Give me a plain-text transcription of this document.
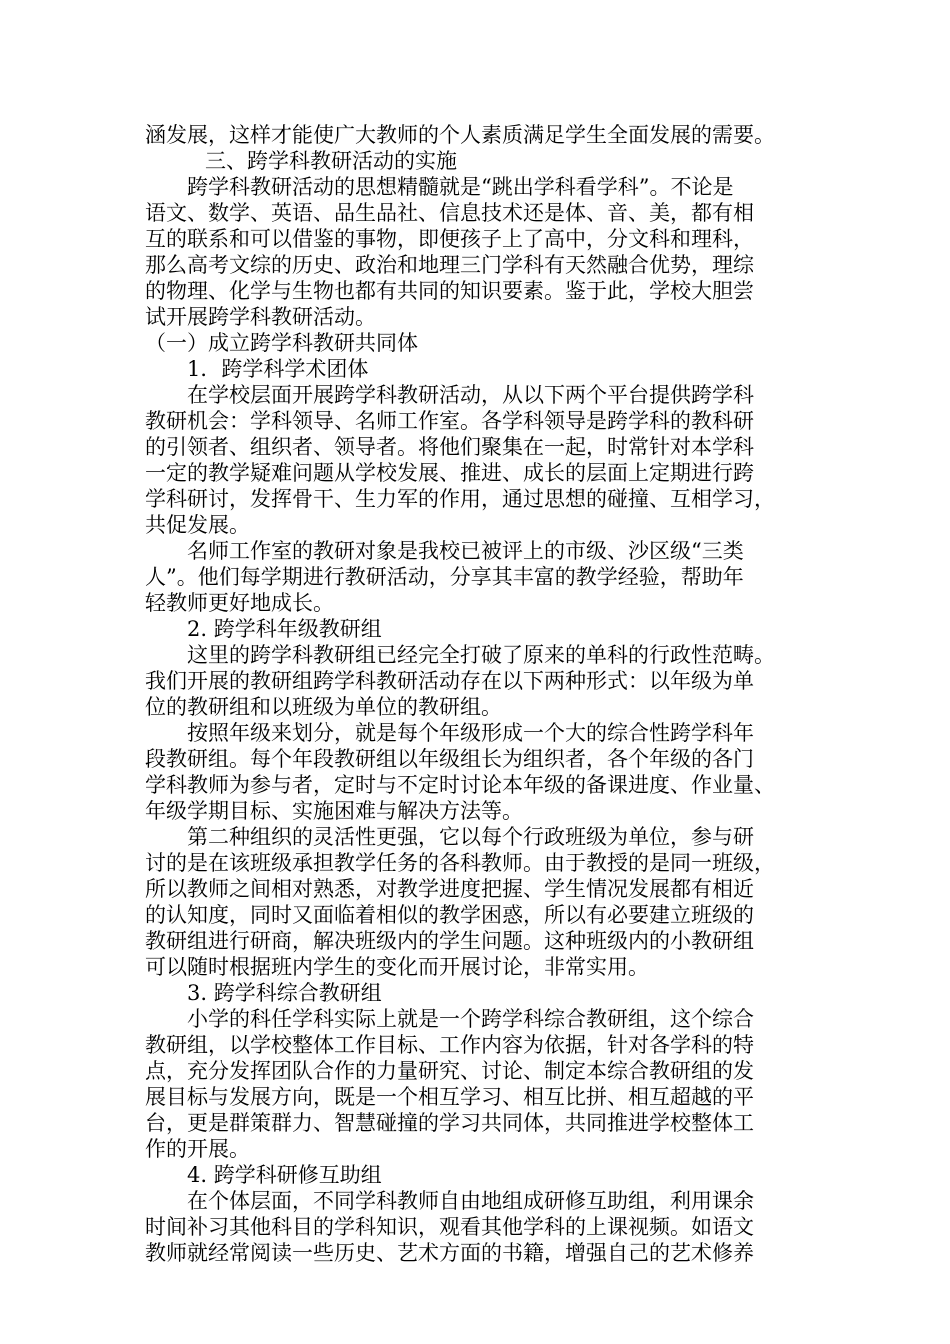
涵发展，这样才能使广大教师的个人素质满足学生全面发展的需要。
三、跨学科教研活动的实施
跨学科教研活动的思想精髓就是“跳出学科看学科”。不论是
语文、数学、英语、品生品社、信息技术还是体、音、美，都有相
互的联系和可以借鉴的事物，即便孩子上了高中，分文科和理科，
那么高考文综的历史、政治和地理三门学科有天然融合优势，理综
的物理、化学与生物也都有共同的知识要素。鉴于此，学校大胆尝
试开展跨学科教研活动。
（一）成立跨学科教研共同体
1．跨学科学术团体
在学校层面开展跨学科教研活动，从以下两个平台提供跨学科
教研机会：学科领导、名师工作室。各学科领导是跨学科的教科研
的引领者、组织者、领导者。将他们聚集在一起，时常针对本学科
一定的教学疑难问题从学校发展、推进、成长的层面上定期进行跨
学科研讨，发挥骨干、生力军的作用，通过思想的碰撞、互相学习，
共促发展。
名师工作室的教研对象是我校已被评上的市级、沙区级“三类
人”。他们每学期进行教研活动，分享其丰富的教学经验，帮助年
轻教师更好地成长。
2. 跨学科年级教研组
这里的跨学科教研组已经完全打破了原来的单科的行政性范畴。
我们开展的教研组跨学科教研活动存在以下两种形式：以年级为单
位的教研组和以班级为单位的教研组。
按照年级来划分，就是每个年级形成一个大的综合性跨学科年
段教研组。每个年段教研组以年级组长为组织者，各个年级的各门
学科教师为参与者，定时与不定时讨论本年级的备课进度、作业量、
年级学期目标、实施困难与解决方法等。
第二种组织的灵活性更强，它以每个行政班级为单位，参与研
讨的是在该班级承担教学任务的各科教师。由于教授的是同一班级，
所以教师之间相对熟悉，对教学进度把握、学生情况发展都有相近
的认知度，同时又面临着相似的教学困惑，所以有必要建立班级的
教研组进行研商，解决班级内的学生问题。这种班级内的小教研组
可以随时根据班内学生的变化而开展讨论，非常实用。
3. 跨学科综合教研组
小学的科任学科实际上就是一个跨学科综合教研组，这个综合
教研组，以学校整体工作目标、工作内容为依据，针对各学科的特
点，充分发挥团队合作的力量研究、讨论、制定本综合教研组的发
展目标与发展方向，既是一个相互学习、相互比拼、相互超越的平
台，更是群策群力、智慧碰撞的学习共同体，共同推进学校整体工
作的开展。
4. 跨学科研修互助组
在个体层面，不同学科教师自由地组成研修互助组，利用课余
时间补习其他科目的学科知识，观看其他学科的上课视频。如语文
教师就经常阅读一些历史、艺术方面的书籍，增强自己的艺术修养
